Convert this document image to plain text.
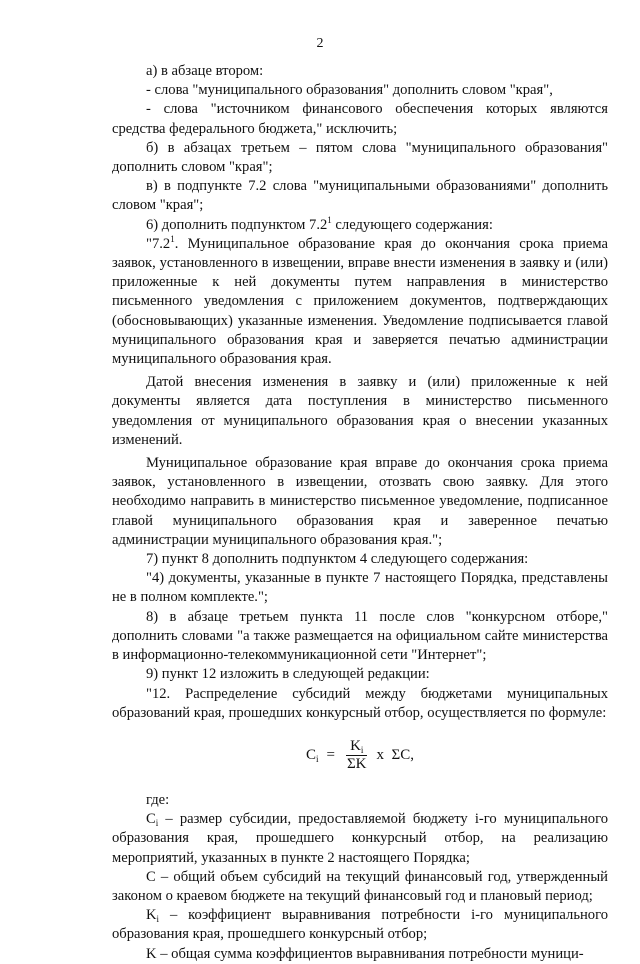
2

а) в абзаце втором:

- слова "муниципального образования" дополнить словом "края",

- слова "источником финансового обеспечения которых являются средства федерального бюджета," исключить;

б) в абзацах третьем – пятом слова "муниципального образования" дополнить словом "края";

в) в подпункте 7.2 слова "муниципальными образованиями" дополнить словом "края";

6) дополнить подпунктом $7.2^1$ следующего содержания:

"$7.2^1$. Муниципальное образование края до окончания срока приема заявок, установленного в извещении, вправе внести изменения в заявку и (или) приложенные к ней документы путем направления в министерство письменного уведомления с приложением документов, подтверждающих (обосновывающих) указанные изменения. Уведомление подписывается главой муниципального образования края и заверяется печатью администрации муниципального образования края.

Датой внесения изменения в заявку и (или) приложенные к ней документы является дата поступления в министерство письменного уведомления от муниципального образования края о внесении указанных изменений.

Муниципальное образование края вправе до окончания срока приема заявок, установленного в извещении, отозвать свою заявку. Для этого необходимо направить в министерство письменное уведомление, подписанное главой муниципального образования края и заверенное печатью администрации муниципального образования края.";

7) пункт 8 дополнить подпунктом 4 следующего содержания:

"4) документы, указанные в пункте 7 настоящего Порядка, представлены не в полном комплекте.";

8) в абзаце третьем пункта 11 после слов "конкурсном отборе," дополнить словами "а также размещается на официальном сайте министерства в информационно-телекоммуникационной сети "Интернет";

9) пункт 12 изложить в следующей редакции:

"12. Распределение субсидий между бюджетами муниципальных образований края, прошедших конкурсный отбор, осуществляется по формуле:

$C_i = \frac{K_i}{\Sigma K}$ x  ΣC,

где:

$C_i$ – размер субсидии, предоставляемой бюджету i-го муниципального образования края, прошедшего конкурсный отбор, на реализацию мероприятий, указанных в пункте 2 настоящего Порядка;

C – общий объем субсидий на текущий финансовый год, утвержденный законом о краевом бюджете на текущий финансовый год и плановый период;

$K_i$ – коэффициент выравнивания потребности i-го муниципального образования края, прошедшего конкурсный отбор;

K – общая сумма коэффициентов выравнивания потребности муници-
